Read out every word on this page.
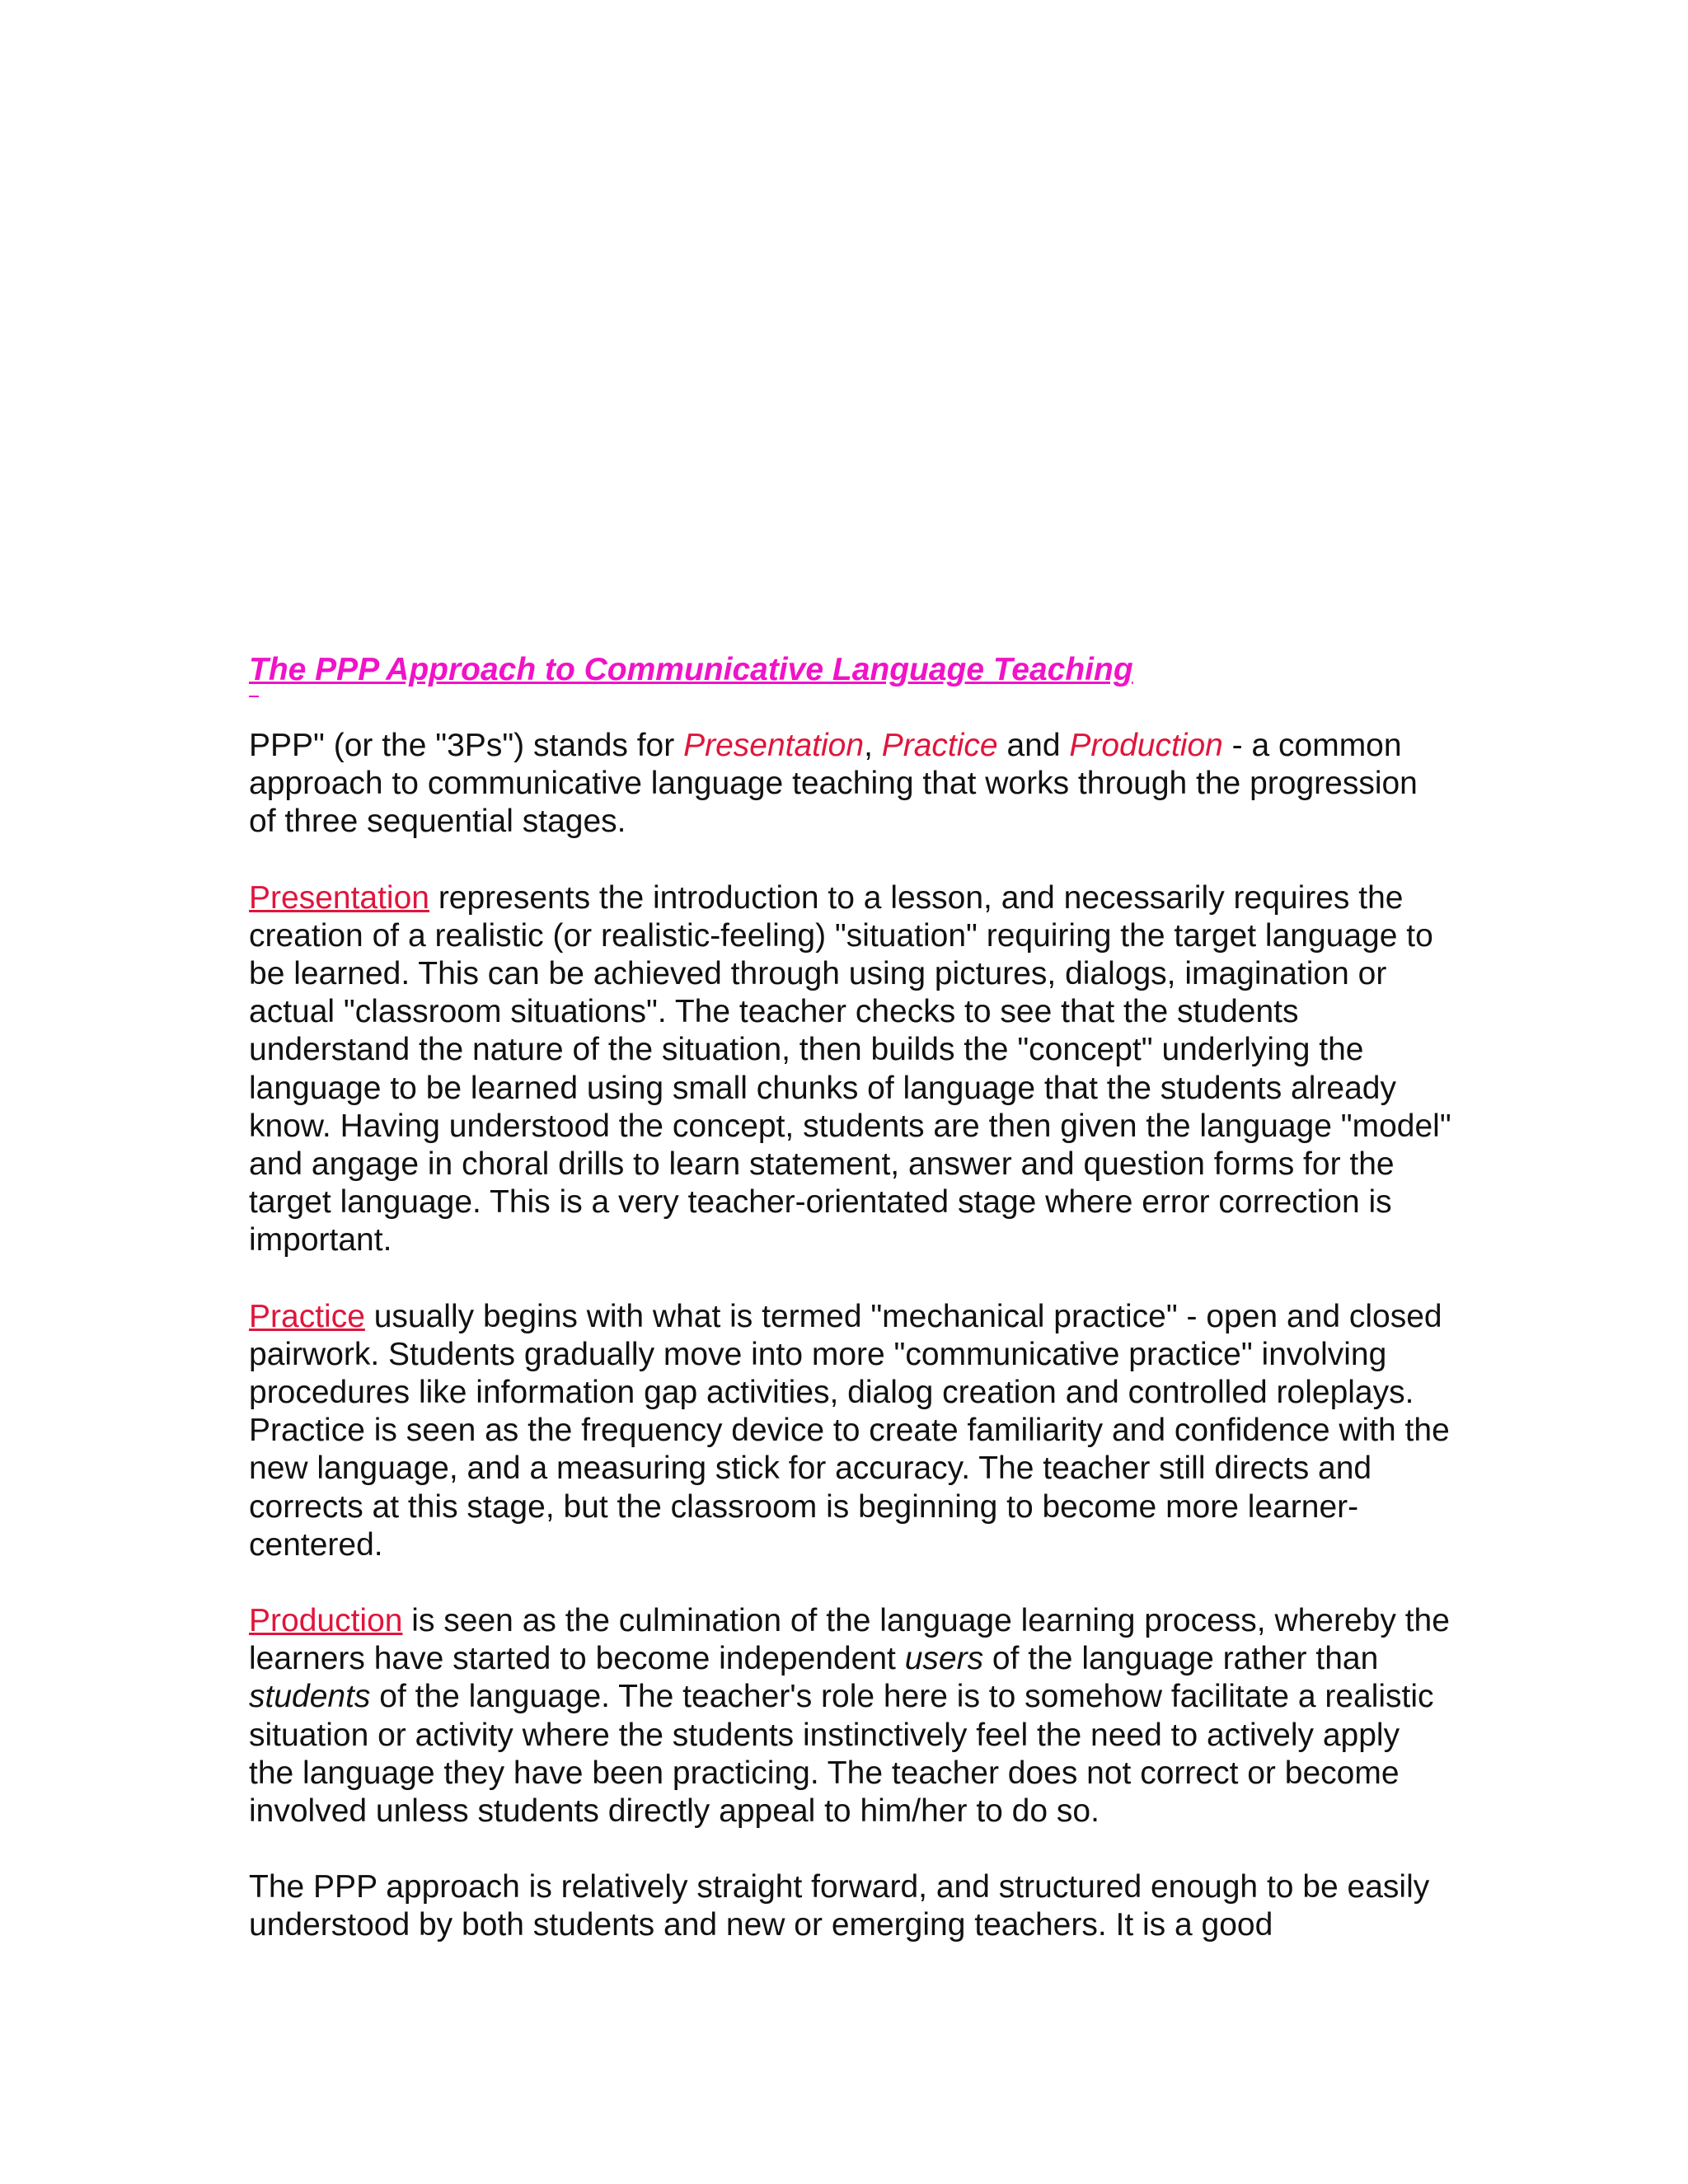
The PPP Approach to Communicative Language Teaching

PPP" (or the "3Ps") stands for Presentation, Practice and Production - a common approach to communicative language teaching that works through the progression of three sequential stages.

Presentation represents the introduction to a lesson, and necessarily requires the creation of a realistic (or realistic-feeling) "situation" requiring the target language to be learned. This can be achieved through using pictures, dialogs, imagination or actual "classroom situations". The teacher checks to see that the students understand the nature of the situation, then builds the "concept" underlying the language to be learned using small chunks of language that the students already know. Having understood the concept, students are then given the language "model" and angage in choral drills to learn statement, answer and question forms for the target language. This is a very teacher-orientated stage where error correction is important.

Practice usually begins with what is termed "mechanical practice" - open and closed pairwork. Students gradually move into more "communicative practice" involving procedures like information gap activities, dialog creation and controlled roleplays. Practice is seen as the frequency device to create familiarity and confidence with the new language, and a measuring stick for accuracy. The teacher still directs and corrects at this stage, but the classroom is beginning to become more learner-centered.

Production is seen as the culmination of the language learning process, whereby the learners have started to become independent users of the language rather than students of the language. The teacher's role here is to somehow facilitate a realistic situation or activity where the students instinctively feel the need to actively apply the language they have been practicing. The teacher does not correct or become involved unless students directly appeal to him/her to do so.

The PPP approach is relatively straight forward, and structured enough to be easily understood by both students and new or emerging teachers. It is a good
